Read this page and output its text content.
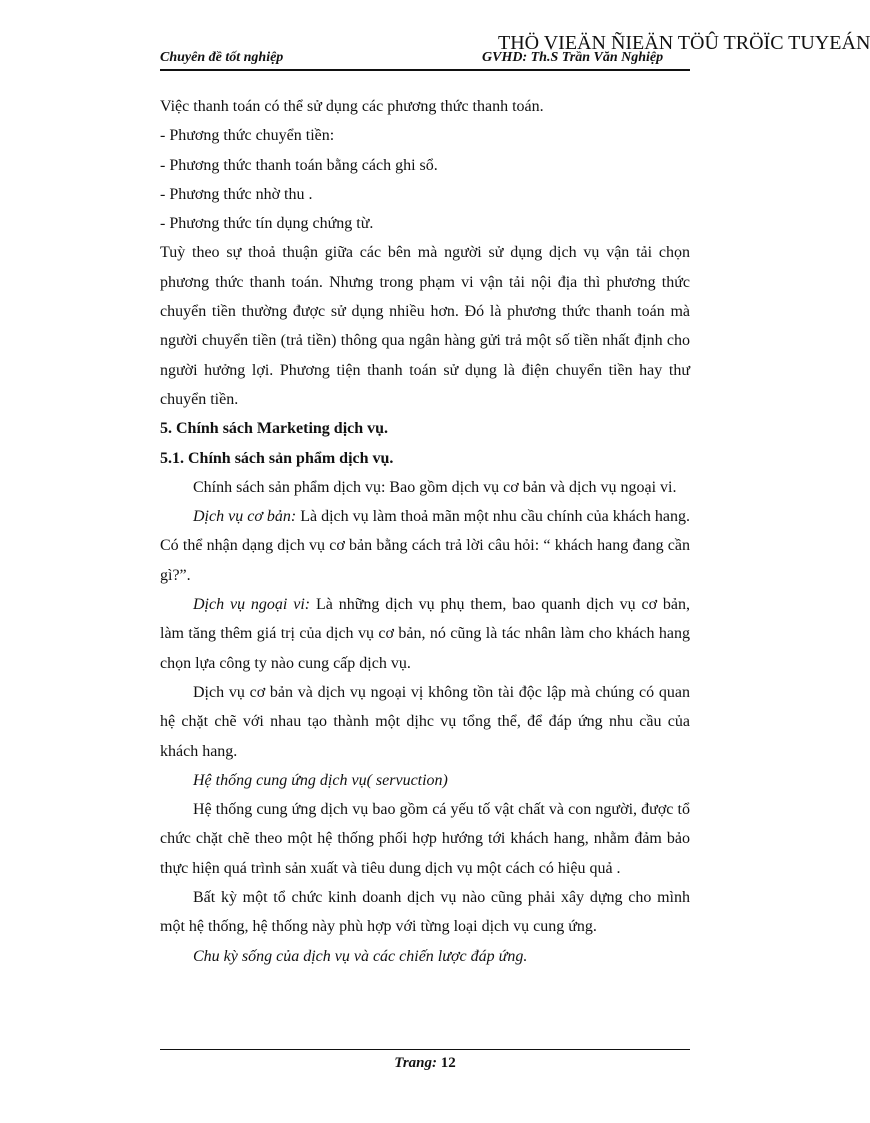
THÖ VIEÄN ÑIEÄN TÖÛ TRÖÏC TUYEÁN
Chuyên đề tốt nghiệp	GVHD: Th.S Trần Văn Nghiệp

Việc thanh toán có thể sử dụng các phương thức thanh toán.

- Phương thức chuyển tiền:

- Phương thức thanh toán bằng cách ghi sổ.

- Phương thức nhờ thu .

- Phương thức tín dụng chứng từ.

Tuỳ theo sự thoả thuận giữa các bên mà người sử dụng dịch vụ vận tải chọn phương thức thanh toán. Nhưng trong phạm vi vận tải nội địa thì phương thức chuyển tiền thường được sử dụng nhiều hơn. Đó là phương thức thanh toán mà người chuyển tiền (trả tiền) thông qua ngân hàng gửi trả một số tiền nhất định cho người hưởng lợi. Phương tiện thanh toán sử dụng là điện chuyển tiền hay thư chuyển tiền.

5. Chính sách Marketing dịch vụ.

5.1. Chính sách sản phẩm dịch vụ.

Chính sách sản phẩm dịch vụ: Bao gồm dịch vụ cơ bản và dịch vụ ngoại vi.

Dịch vụ cơ bản: Là dịch vụ làm thoả mãn một nhu cầu chính của khách hang. Có thể nhận dạng dịch vụ cơ bản bằng cách trả lời câu hỏi: “ khách hang đang cần gì?”.

Dịch vụ ngoại vi: Là những dịch vụ phụ them, bao quanh dịch vụ cơ bản, làm tăng thêm giá trị của dịch vụ cơ bản, nó cũng là tác nhân làm cho khách hang chọn lựa công ty nào cung cấp dịch vụ.

Dịch vụ cơ bản và dịch vụ ngoại vị không tồn tài độc lập mà chúng có quan hệ chặt chẽ với nhau tạo thành một dịhc vụ tổng thể, để đáp ứng nhu cầu của khách hang.

Hệ thống cung ứng dịch vụ( servuction)

Hệ thống cung ứng dịch vụ bao gồm cá yếu tố vật chất và con người, được tổ chức chặt chẽ theo một hệ thống phối hợp hướng tới khách hang, nhằm đảm bảo thực hiện quá trình sản xuất và tiêu dung dịch vụ một cách có hiệu quả .

Bất kỳ một tổ chức kinh doanh dịch vụ nào cũng phải xây dựng cho mình một hệ thống, hệ thống này phù hợp với từng loại dịch vụ cung ứng.

Chu kỳ sống của dịch vụ và các chiến lược đáp ứng.

Trang: 12
